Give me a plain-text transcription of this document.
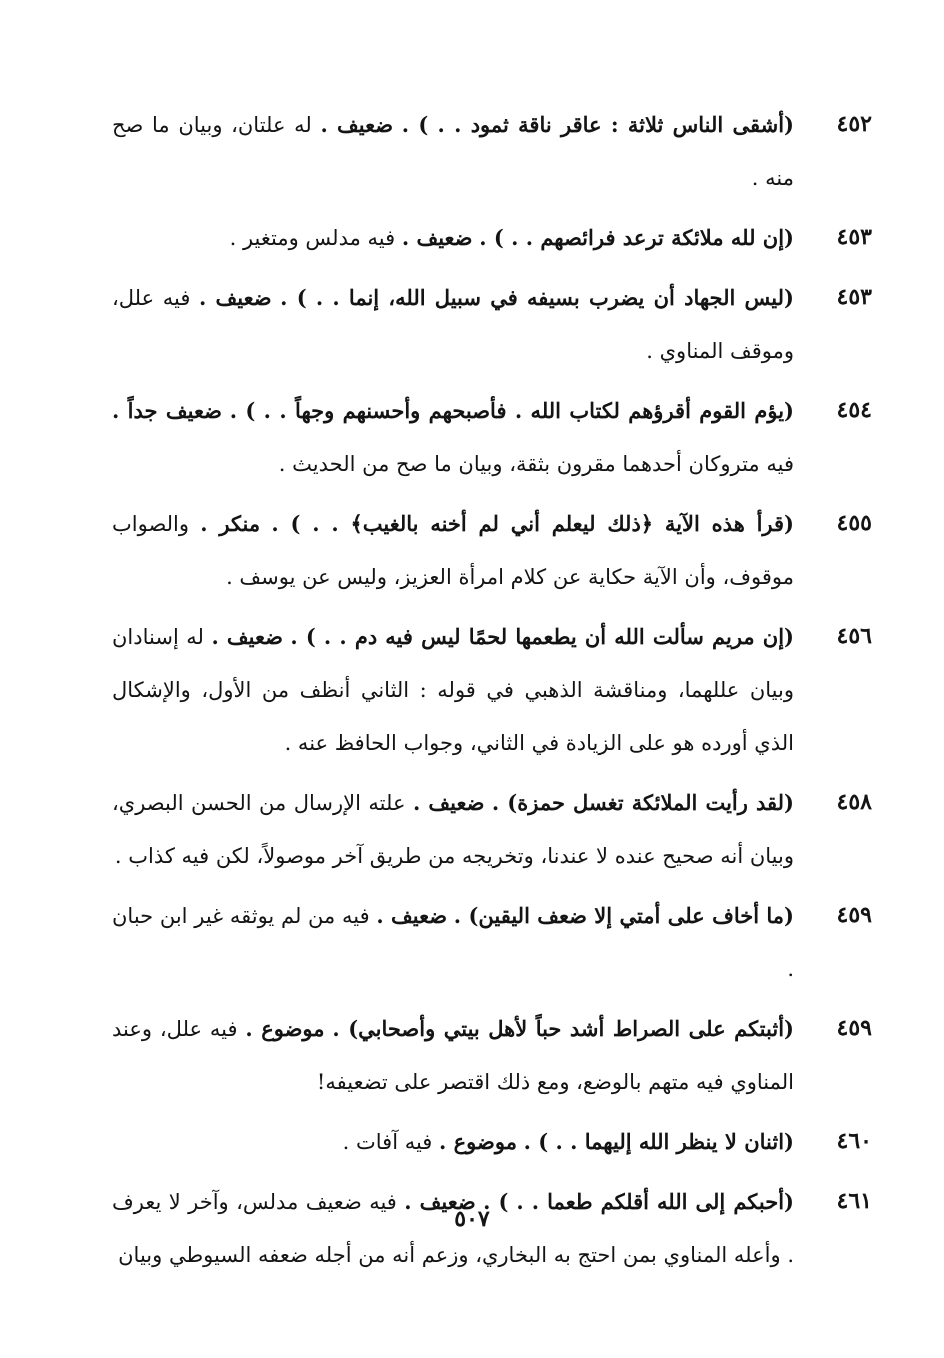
٤٥٢

(أشقى الناس ثلاثة : عاقر ناقة ثمود . . ) . ضعيف . له علتان، وبيان ما صح منه .

٤٥٣

(إن لله ملائكة ترعد فرائصهم . . ) . ضعيف . فيه مدلس ومتغير .

٤٥٣

(ليس الجهاد أن يضرب بسيفه في سبيل الله، إنما . . ) . ضعيف . فيه علل، وموقف المناوي .

٤٥٤

(يؤم القوم أقرؤهم لكتاب الله . فأصبحهم وأحسنهم وجهاً . . ) . ضعيف جداً . فيه متروكان أحدهما مقرون بثقة، وبيان ما صح من الحديث .

٤٥٥

(قرأ هذه الآية ﴿ذلك ليعلم أني لم أخنه بالغيب﴾ . . ) . منكر . والصواب موقوف، وأن الآية حكاية عن كلام امرأة العزيز، وليس عن يوسف .

٤٥٦

(إن مريم سألت الله أن يطعمها لحمًا ليس فيه دم . . ) . ضعيف . له إسنادان وبيان عللهما، ومناقشة الذهبي في قوله : الثاني أنظف من الأول، والإشكال الذي أورده هو على الزيادة في الثاني، وجواب الحافظ عنه .

٤٥٨

(لقد رأيت الملائكة تغسل حمزة) . ضعيف . علته الإرسال من الحسن البصري، وبيان أنه صحيح عنده لا عندنا، وتخريجه من طريق آخر موصولاً، لكن فيه كذاب .

٤٥٩

(ما أخاف على أمتي إلا ضعف اليقين) . ضعيف . فيه من لم يوثقه غير ابن حبان .

٤٥٩

(أثبتكم على الصراط أشد حباً لأهل بيتي وأصحابي) . موضوع . فيه علل، وعند المناوي فيه متهم بالوضع، ومع ذلك اقتصر على تضعيفه!

٤٦٠

(اثنان لا ينظر الله إليهما . . ) . موضوع . فيه آفات .

٤٦١

(أحبكم إلى الله أقلكم طعما . . ) . ضعيف . فيه ضعيف مدلس، وآخر لا يعرف . وأعله المناوي بمن احتج به البخاري، وزعم أنه من أجله ضعفه السيوطي وبيان

٥٠٧
